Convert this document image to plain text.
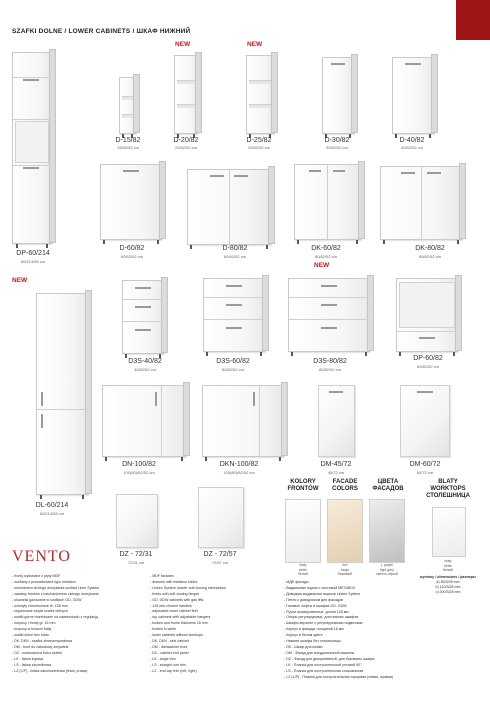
SZAFKI DOLNE / LOWER CABINETS / ШКАФ НИЖНИЙ
NEW	NEW
NEW
NEW
DP-60/214
60/214/56 cm
D-15/82
15/82/52 cm
D-20/82
20/82/52 cm
D-25/82
25/82/52 cm
D-30/82
30/82/52 cm
D-40/82
40/82/52 cm
D-60/82
60/82/52 cm
D-80/82
80/82/52 cm
DK-60/82
60/82/52 cm
DK-80/82
80/82/52 cm
DL-60/214
60/214/56 cm
D3S-40/82
40/82/52 cm
D3S-60/82
60/82/52 cm
D3S-80/82
80/82/52 cm
DP-60/82
60/82/52 cm
DN-100/82
100(80)/82/52 cm
DKN-100/82
100(80)/82/52 cm
DM-45/72
45/72 cm
DM-60/72
60/72 cm
DZ - 72/31
72/31 cm
DZ - 72/57
72/57 cm
KOLORY
FRONTÓW
FACADE
COLORS
ЦВЕТА
ФАСАДОВ
biały
white
белый
beż
beige
бежевый
j. popiel
light grey
светло-серый
BLATY
WORKTOPS
СТОЛЕШНИЦА
biały
white
белый
wymiary / dimensions / размеры
a) 80/3/28 mm
b) 110/3/28 mm
c) 200/3/28 mm
VENTO
- fronty wykonane z płyty MDF
- szuflady z prowadnicami typu metabox
- mechanizm cichego domykania szuflad Linex System
- zawiasy frontów z mechanizmem cichego domykania
- ułowanki gazowane w szafkach GD, GDW
- uchwyty chromowane rk. 128 mm
- regulowane stopki szafek dolnych
- szafki górne montowane na zawieszkach z regulacją
- korpusy i fronty gr. 16 mm
- korpusy w kolorze biały
- szafki dolne bez blatu
- DK, DKN - szafka zlewozmywakowa
- DM - front do zabudowy zmywarki
- DZ - maskownica boku szafek
- LK - listwa kątowa
- LS - listwa szczelinowa
- LZ (L/P) - listwa zakończeniowa (lewa, prawa)
- MDF facades
- drawers with metabox slides
- Linken System drawer soft closing mechanism
- fronts with soft closing hinges
- GD, GDW cabinets with gas lifts
- 128 mm chrome handles
- adjustable lower cabinet feet
- top cabinets with adjustable hangers
- bodies and fronts thickness 16 mm
- bodies in white
- lower cabinets without worktops
- DK, DKN - sink cabinet
- DM - dishwasher front
- DZ - cabinet end panel
- LK - angle trim
- LS - straight rum trim
- LZ - end cap trim (left, right)
- МДФ фасады
- Выдвижные ящики с системой METABOX
- Доводчик выдвижных ящиков Linken System
- Петли с доводчиком для фасадов
- Газовые лифты в шкафах GD, GDW
- Ручки хромированные, длина 128 мм
- Опоры регулируемые, для нижних шкафов
- Шкафы верхние с регулируемыми подвесами
- Корпус и фасады толщиной 16 мм
- Корпус в белом цвете
- Нижние шкафы без столешницы
- DK - Шкаф для мойки
- DM - Фасад для посудомоечной машины
- DZ - Фасад для декоративный, для боковины шкафа
- LK - Планка для построительной угловой 90°
- LS - Планка для построительная стыковочная
- LZ (L/P) - Планка для построительная торцевая (левая, правая)
